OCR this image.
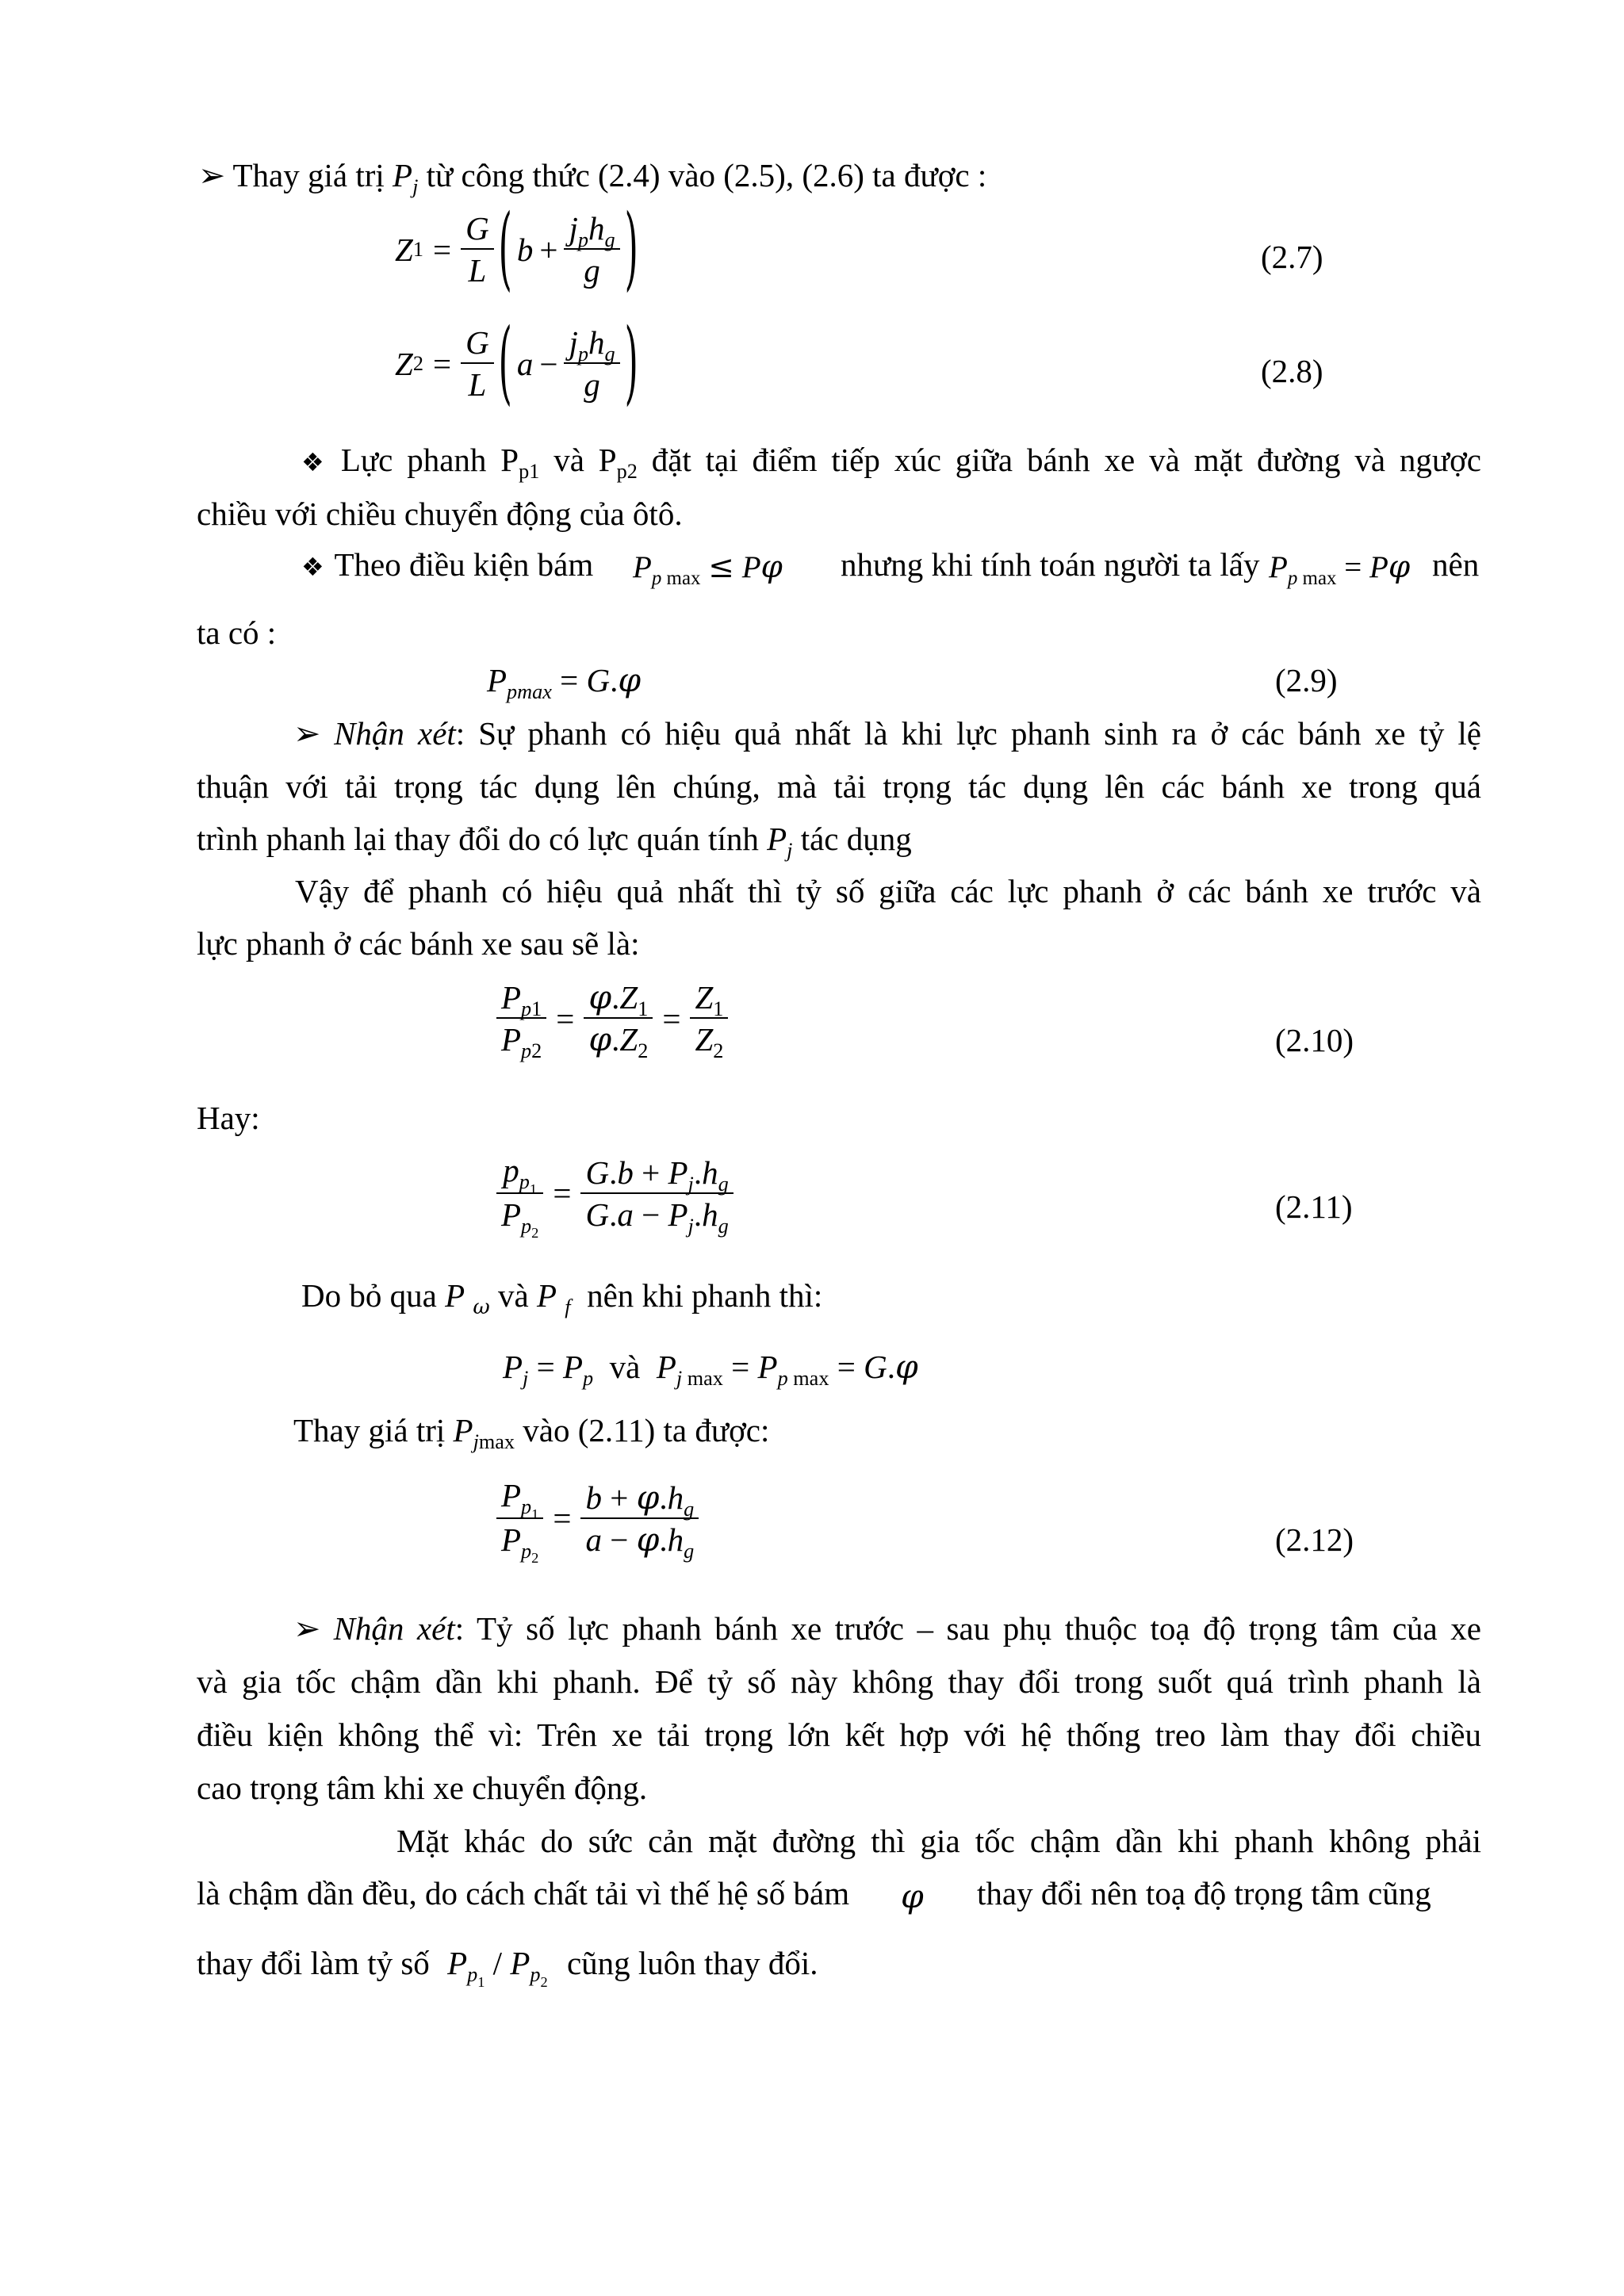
➢ Thay giá trị $P_j$ từ công thức (2.4) vào (2.5), (2.6) ta được :
Z $1 = \frac{G}{L}$ ( $b + \frac{j_ph_g}{g}$ )	(2.7)
Z $2 = \frac{G}{L}$ ( $a - \frac{j_ph_g}{g}$ )	(2.8)
❖ Lực phanh $P_{p1}$ và $P_{p2}$ đặt tại điểm tiếp xúc giữa bánh xe và mặt đường và ngược
chiều với chiều chuyển động của ôtô.
❖ Theo điều kiện bám $P_{p max} \le P\varphi$ nhưng khi tính toán người ta lấy $P_{p max} = P\varphi$ nên
ta có :
$P_{pmax} = G.\varphi$	(2.9)
➢ Nhận xét: Sự phanh có hiệu quả nhất là khi lực phanh sinh ra ở các bánh xe tỷ lệ
thuận với tải trọng tác dụng lên chúng, mà tải trọng tác dụng lên các bánh xe trong quá
trình phanh lại thay đổi do có lực quán tính $P_j$ tác dụng
Vậy để phanh có hiệu quả nhất thì tỷ số giữa các lực phanh ở các bánh xe trước và
lực phanh ở các bánh xe sau sẽ là:
$\frac{P_{p1}}{P_{p2}} = \frac{\varphi.Z_1}{\varphi.Z_2} = \frac{Z_1}{Z_2}$	(2.10)
Hay:
$\frac{p_{p_1}}{P_{p_2}} = \frac{G.b + P_j.h_g}{G.a - P_j.h_g}$	(2.11)
Do bỏ qua P $_\omega$ và P $_f$ nên khi phanh thì:
$P_j = P_p$ và $P_{j max} = P_{p max} = G.\varphi$
Thay giá trị $P_{jmax}$ vào (2.11) ta được:
$\frac{P_{p_1}}{P_{p_2}} = \frac{b + \varphi.h_g}{a - \varphi.h_g}$	(2.12)
➢ Nhận xét: Tỷ số lực phanh bánh xe trước – sau phụ thuộc toạ độ trọng tâm của xe
và gia tốc chậm dần khi phanh. Để tỷ số này không thay đổi trong suốt quá trình phanh là
điều kiện không thể vì: Trên xe tải trọng lớn kết hợp với hệ thống treo làm thay đổi chiều
cao trọng tâm khi xe chuyển động.
Mặt khác do sức cản mặt đường thì gia tốc chậm dần khi phanh không phải
là chậm dần đều, do cách chất tải vì thế hệ số bám φ thay đổi nên toạ độ trọng tâm cũng
thay đổi làm tỷ số $P_{p_1} / P_{p_2}$ cũng luôn thay đổi.
